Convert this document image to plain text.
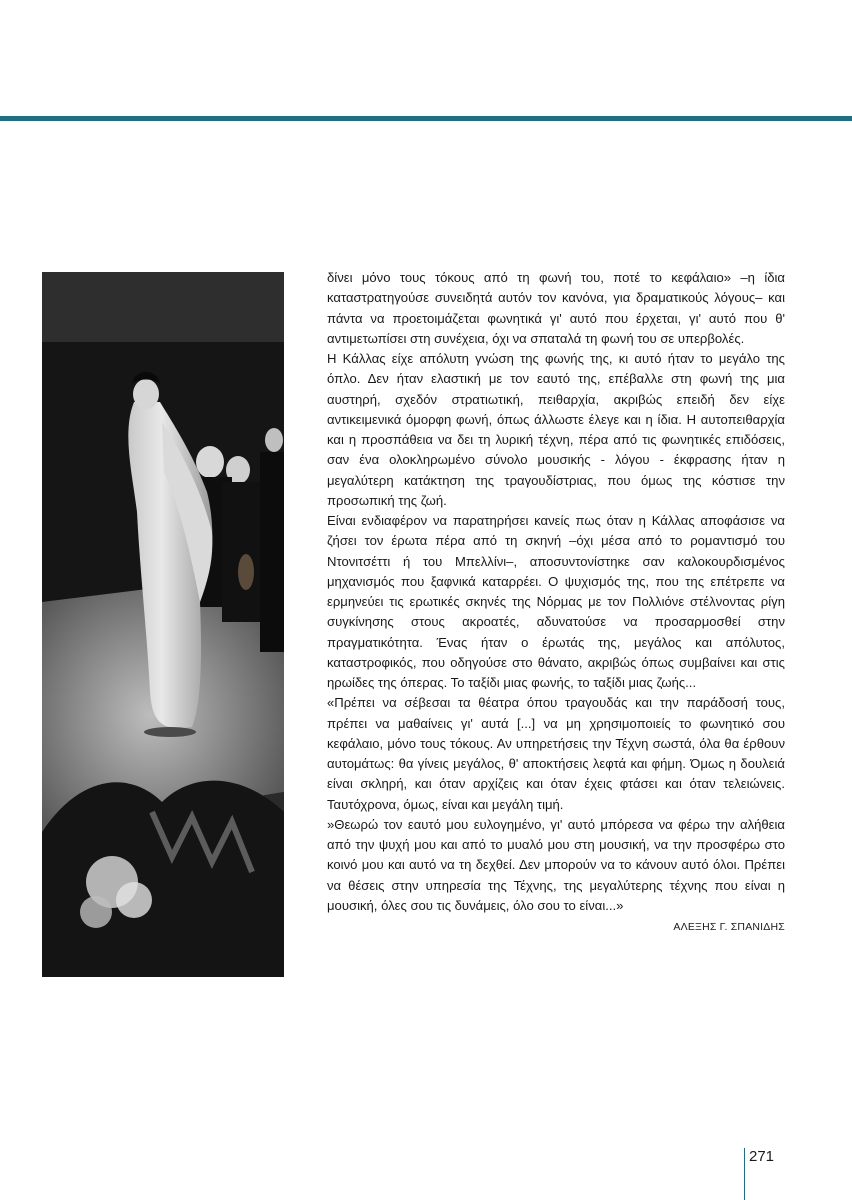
δίνει μόνο τους τόκους από τη φωνή του, ποτέ το κεφάλαιο» –η ίδια καταστρατηγούσε συνειδητά αυτόν τον κανόνα, για δραματικούς λόγους– και πάντα να προετοιμάζεται φωνητικά γι' αυτό που έρχεται, γι' αυτό που θ' αντιμετωπίσει στη συνέχεια, όχι να σπαταλά τη φωνή του σε υπερβολές.

Η Κάλλας είχε απόλυτη γνώση της φωνής της, κι αυτό ήταν το μεγάλο της όπλο. Δεν ήταν ελαστική με τον εαυτό της, επέβαλλε στη φωνή της μια αυστηρή, σχεδόν στρατιωτική, πειθαρχία, ακριβώς επειδή δεν είχε αντικειμενικά όμορφη φωνή, όπως άλλωστε έλεγε και η ίδια. Η αυτοπειθαρχία και η προσπάθεια να δει τη λυρική τέχνη, πέρα από τις φωνητικές επιδόσεις, σαν ένα ολοκληρωμένο σύνολο μουσικής - λόγου - έκφρασης ήταν η μεγαλύτερη κατάκτηση της τραγουδίστριας, που όμως της κόστισε την προσωπική της ζωή.

Είναι ενδιαφέρον να παρατηρήσει κανείς πως όταν η Κάλλας αποφάσισε να ζήσει τον έρωτα πέρα από τη σκηνή –όχι μέσα από το ρομαντισμό του Ντονιτσέττι ή του Μπελλίνι–, αποσυντονίστηκε σαν καλοκουρδισμένος μηχανισμός που ξαφνικά καταρρέει. Ο ψυχισμός της, που της επέτρεπε να ερμηνεύει τις ερωτικές σκηνές της Νόρμας με τον Πολλιόνε στέλνοντας ρίγη συγκίνησης στους ακροατές, αδυνατούσε να προσαρμοσθεί στην πραγματικότητα. Ένας ήταν ο έρωτάς της, μεγάλος και απόλυτος, καταστροφικός, που οδηγούσε στο θάνατο, ακριβώς όπως συμβαίνει και στις ηρωίδες της όπερας. Το ταξίδι μιας φωνής, το ταξίδι μιας ζωής...

«Πρέπει να σέβεσαι τα θέατρα όπου τραγουδάς και την παράδοσή τους, πρέπει να μαθαίνεις γι' αυτά [...] να μη χρησιμοποιείς το φωνητικό σου κεφάλαιο, μόνο τους τόκους. Αν υπηρετήσεις την Τέχνη σωστά, όλα θα έρθουν αυτομάτως: θα γίνεις μεγάλος, θ' αποκτήσεις λεφτά και φήμη. Όμως η δουλειά είναι σκληρή, και όταν αρχίζεις και όταν έχεις φτάσει και όταν τελειώνεις. Ταυτόχρονα, όμως, είναι και μεγάλη τιμή.

»Θεωρώ τον εαυτό μου ευλογημένο, γι' αυτό μπόρεσα να φέρω την αλήθεια από την ψυχή μου και από το μυαλό μου στη μουσική, να την προσφέρω στο κοινό μου και αυτό να τη δεχθεί. Δεν μπορούν να το κάνουν αυτό όλοι. Πρέπει να θέσεις στην υπηρεσία της Τέχνης, της μεγαλύτερης τέχνης που είναι η μουσική, όλες σου τις δυνάμεις, όλο σου το είναι...»

ΑΛΕΞΗΣ Γ. ΣΠΑΝΙΔΗΣ

271
